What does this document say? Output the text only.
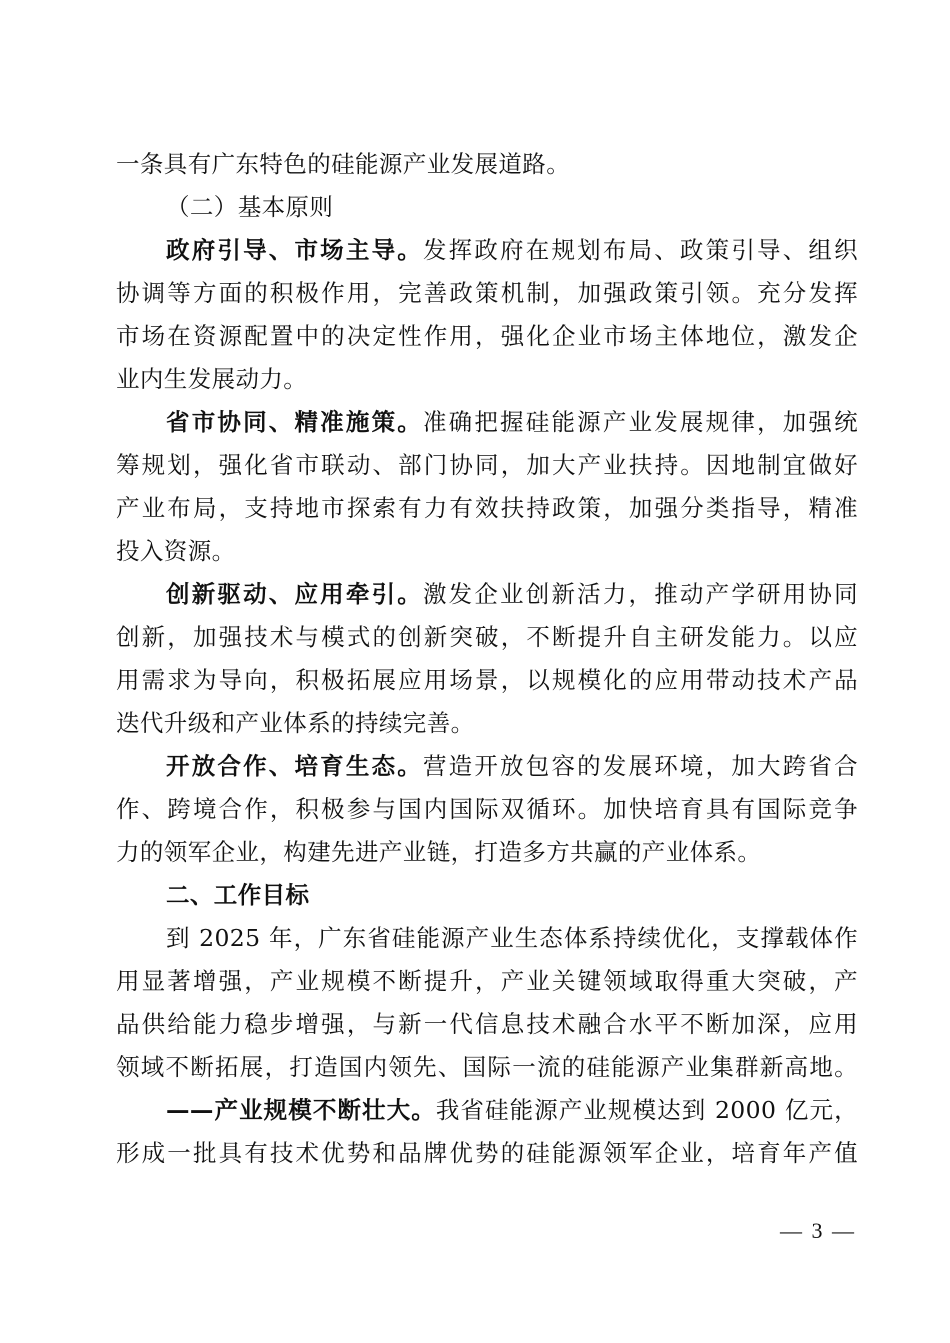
一条具有广东特色的硅能源产业发展道路。
（二）基本原则
政府引导、市场主导。发挥政府在规划布局、政策引导、组织
协调等方面的积极作用，完善政策机制，加强政策引领。充分发挥
市场在资源配置中的决定性作用，强化企业市场主体地位，激发企
业内生发展动力。
省市协同、精准施策。准确把握硅能源产业发展规律，加强统
筹规划，强化省市联动、部门协同，加大产业扶持。因地制宜做好
产业布局，支持地市探索有力有效扶持政策，加强分类指导，精准
投入资源。
创新驱动、应用牵引。激发企业创新活力，推动产学研用协同
创新，加强技术与模式的创新突破，不断提升自主研发能力。以应
用需求为导向，积极拓展应用场景，以规模化的应用带动技术产品
迭代升级和产业体系的持续完善。
开放合作、培育生态。营造开放包容的发展环境，加大跨省合
作、跨境合作，积极参与国内国际双循环。加快培育具有国际竞争
力的领军企业，构建先进产业链，打造多方共赢的产业体系。
二、工作目标
到 2025 年，广东省硅能源产业生态体系持续优化，支撑载体作
用显著增强，产业规模不断提升，产业关键领域取得重大突破，产
品供给能力稳步增强，与新一代信息技术融合水平不断加深，应用
领域不断拓展，打造国内领先、国际一流的硅能源产业集群新高地。
——产业规模不断壮大。我省硅能源产业规模达到 2000 亿元，
形成一批具有技术优势和品牌优势的硅能源领军企业，培育年产值
— 3 —
